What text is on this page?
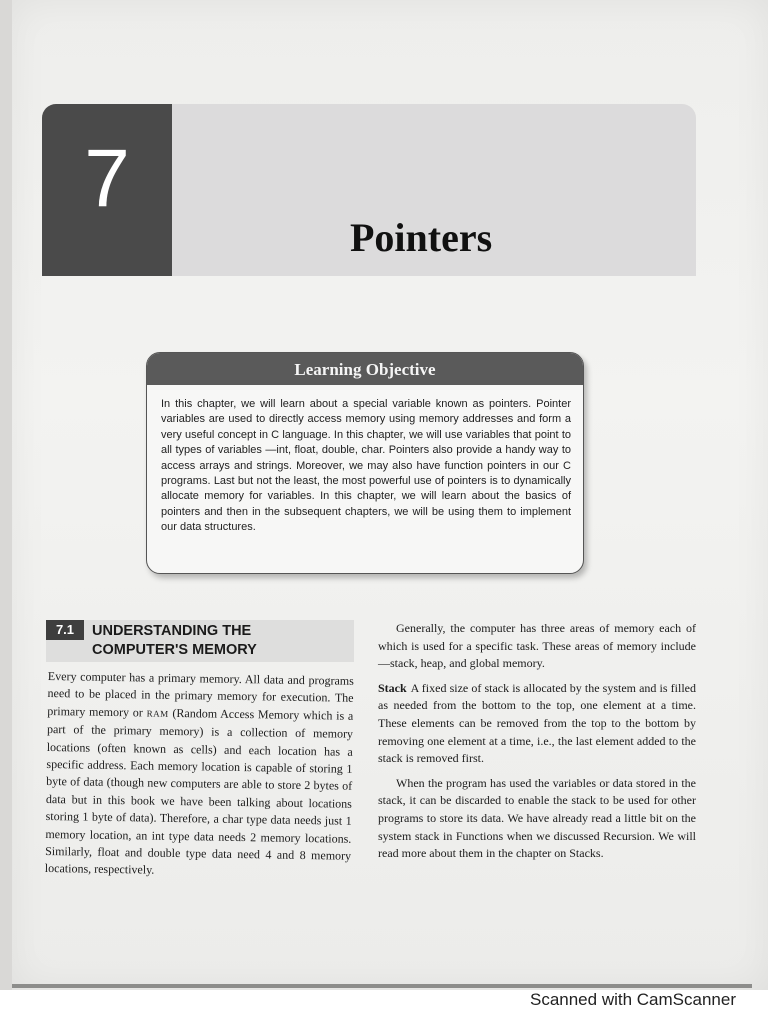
7
Pointers
Learning Objective
In this chapter, we will learn about a special variable known as pointers. Pointer variables are used to directly access memory using memory addresses and form a very useful concept in C language. In this chapter, we will use variables that point to all types of variables —int, float, double, char. Pointers also provide a handy way to access arrays and strings. Moreover, we may also have function pointers in our C programs. Last but not the least, the most powerful use of pointers is to dynamically allocate memory for variables. In this chapter, we will learn about the basics of pointers and then in the subsequent chapters, we will be using them to implement our data structures.
7.1	UNDERSTANDING THE
COMPUTER'S MEMORY

Every computer has a primary memory. All data and programs need to be placed in the primary memory for execution. The primary memory or RAM (Random Access Memory which is a part of the primary memory) is a collection of memory locations (often known as cells) and each location has a specific address. Each memory location is capable of storing 1 byte of data (though new computers are able to store 2 bytes of data but in this book we have been talking about locations storing 1 byte of data). Therefore, a char type data needs just 1 memory location, an int type data needs 2 memory locations. Similarly, float and double type data need 4 and 8 memory locations, respectively.

Generally, the computer has three areas of memory each of which is used for a specific task. These areas of memory include—stack, heap, and global memory.

Stack A fixed size of stack is allocated by the system and is filled as needed from the bottom to the top, one element at a time. These elements can be removed from the top to the bottom by removing one element at a time, i.e., the last element added to the stack is removed first.

When the program has used the variables or data stored in the stack, it can be discarded to enable the stack to be used for other programs to store its data. We have already read a little bit on the system stack in Functions when we discussed Recursion. We will read more about them in the chapter on Stacks.

Scanned with CamScanner
